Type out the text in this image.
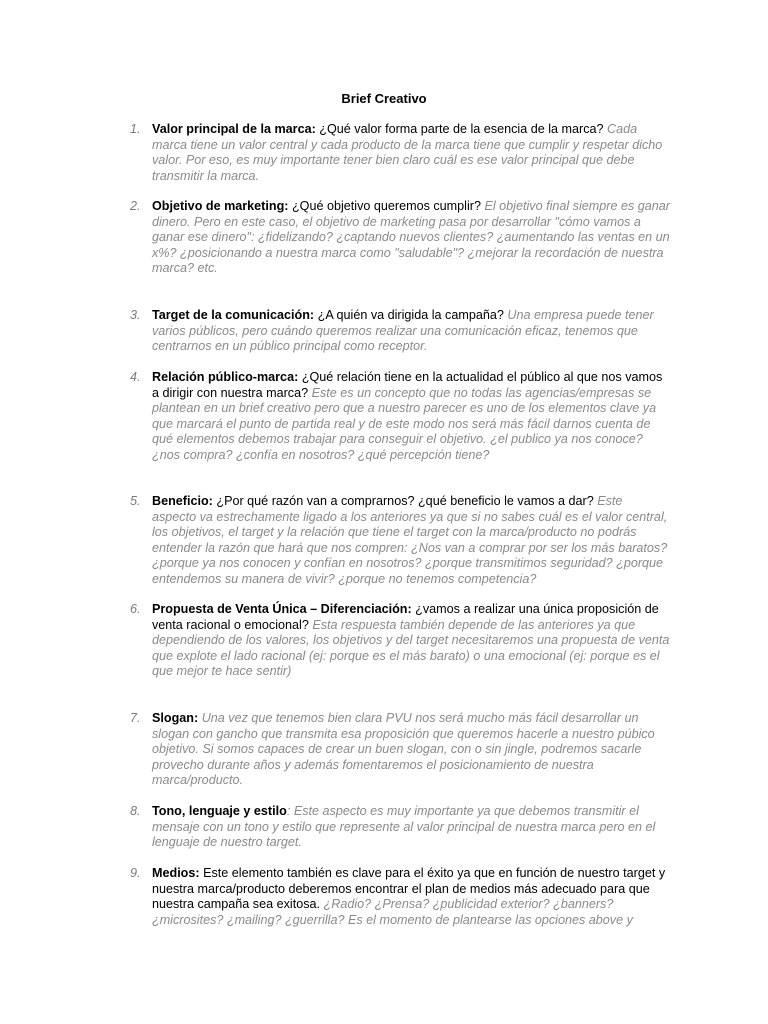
Brief Creativo
1. Valor principal de la marca: ¿Qué valor forma parte de la esencia de la marca? Cada marca tiene un valor central y cada producto de la marca tiene que cumplir y respetar dicho valor. Por eso, es muy importante tener bien claro cuál es ese valor principal que debe transmitir la marca.
2. Objetivo de marketing: ¿Qué objetivo queremos cumplir? El objetivo final siempre es ganar dinero. Pero en este caso, el objetivo de marketing pasa por desarrollar "cómo vamos a ganar ese dinero": ¿fidelizando? ¿captando nuevos clientes? ¿aumentando las ventas en un x%? ¿posicionando a nuestra marca como "saludable"? ¿mejorar la recordación de nuestra marca? etc.
3. Target de la comunicación: ¿A quién va dirigida la campaña? Una empresa puede tener varios públicos, pero cuándo queremos realizar una comunicación eficaz, tenemos que centrarnos en un público principal como receptor.
4. Relación público-marca: ¿Qué relación tiene en la actualidad el público al que nos vamos a dirigir con nuestra marca? Este es un concepto que no todas las agencias/empresas se plantean en un brief creativo pero que a nuestro parecer es uno de los elementos clave ya que marcará el punto de partida real y de este modo nos será más fácil darnos cuenta de qué elementos debemos trabajar para conseguir el objetivo. ¿el publico ya nos conoce? ¿nos compra? ¿confía en nosotros? ¿qué percepción tiene?
5. Beneficio: ¿Por qué razón van a comprarnos? ¿qué beneficio le vamos a dar? Este aspecto va estrechamente ligado a los anteriores ya que si no sabes cuál es el valor central, los objetivos, el target y la relación que tiene el target con la marca/producto no podrás entender la razón que hará que nos compren: ¿Nos van a comprar por ser los más baratos? ¿porque ya nos conocen y confían en nosotros? ¿porque transmitimos seguridad? ¿porque entendemos su manera de vivir? ¿porque no tenemos competencia?
6. Propuesta de Venta Única – Diferenciación: ¿vamos a realizar una única proposición de venta racional o emocional? Esta respuesta también depende de las anteriores ya que dependiendo de los valores, los objetivos y del target necesitaremos una propuesta de venta que explote el lado racional (ej: porque es el más barato) o una emocional (ej: porque es el que mejor te hace sentir)
7. Slogan: Una vez que tenemos bien clara PVU nos será mucho más fácil desarrollar un slogan con gancho que transmita esa proposición que queremos hacerle a nuestro púbico objetivo. Si somos capaces de crear un buen slogan, con o sin jingle, podremos sacarle provecho durante años y además fomentaremos el posicionamiento de nuestra marca/producto.
8. Tono, lenguaje y estilo: Este aspecto es muy importante ya que debemos transmitir el mensaje con un tono y estilo que represente al valor principal de nuestra marca pero en el lenguaje de nuestro target.
9. Medios: Este elemento también es clave para el éxito ya que en función de nuestro target y nuestra marca/producto deberemos encontrar el plan de medios más adecuado para que nuestra campaña sea exitosa. ¿Radio? ¿Prensa? ¿publicidad exterior? ¿banners? ¿microsites? ¿mailing? ¿guerrilla? Es el momento de plantearse las opciones above y
